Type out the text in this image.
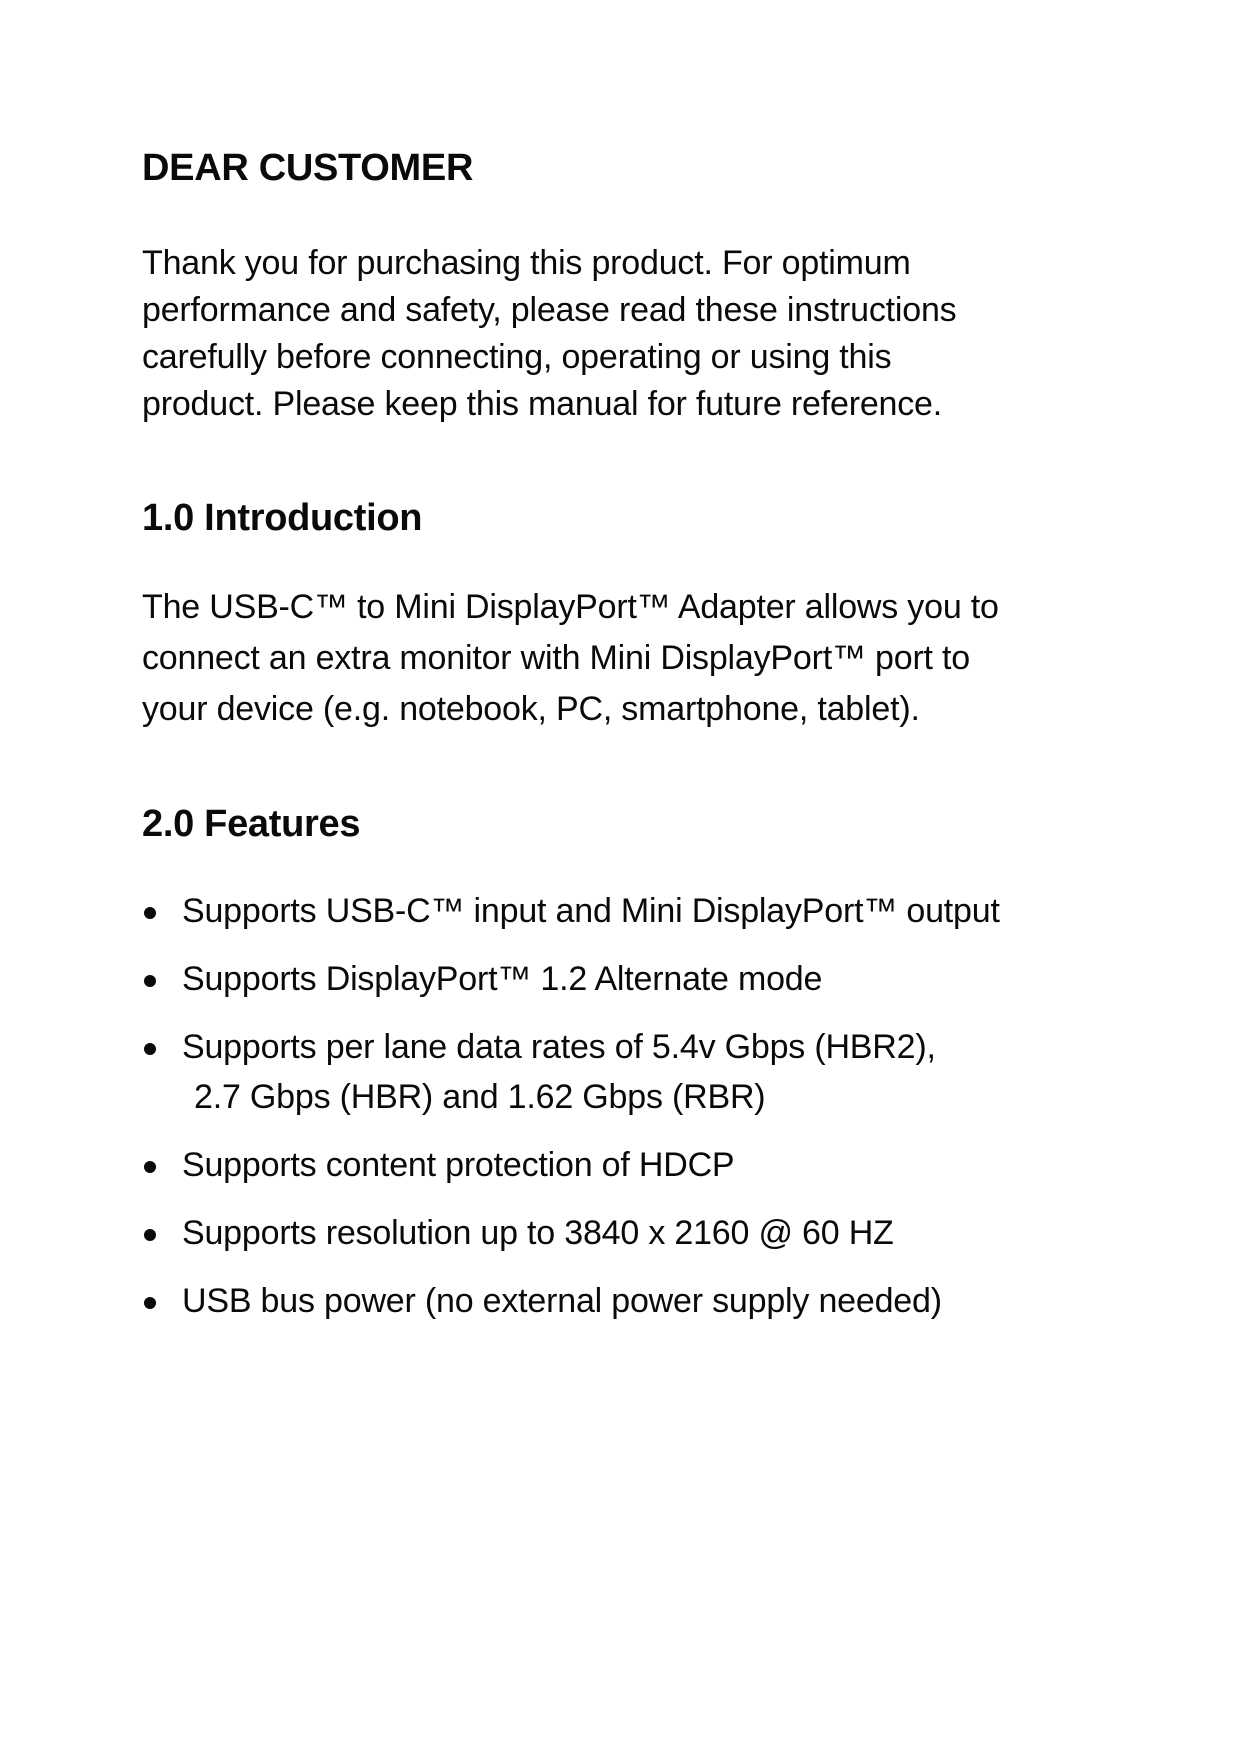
DEAR CUSTOMER

Thank you for purchasing this product. For optimum
performance and safety, please read these instructions
carefully before connecting, operating or using this
product. Please keep this manual for future reference.

1.0 Introduction

The USB-C™ to Mini DisplayPort™ Adapter allows you to
connect an extra monitor with Mini DisplayPort™ port to
your device (e.g. notebook, PC, smartphone, tablet).

2.0 Features
Supports USB-C™ input and Mini DisplayPort™ output
Supports DisplayPort™ 1.2 Alternate mode
Supports per lane data rates of 5.4v Gbps (HBR2),
2.7 Gbps (HBR) and 1.62 Gbps (RBR)
Supports content protection of HDCP
Supports resolution up to 3840 x 2160 @ 60 HZ
USB bus power (no external power supply needed)
